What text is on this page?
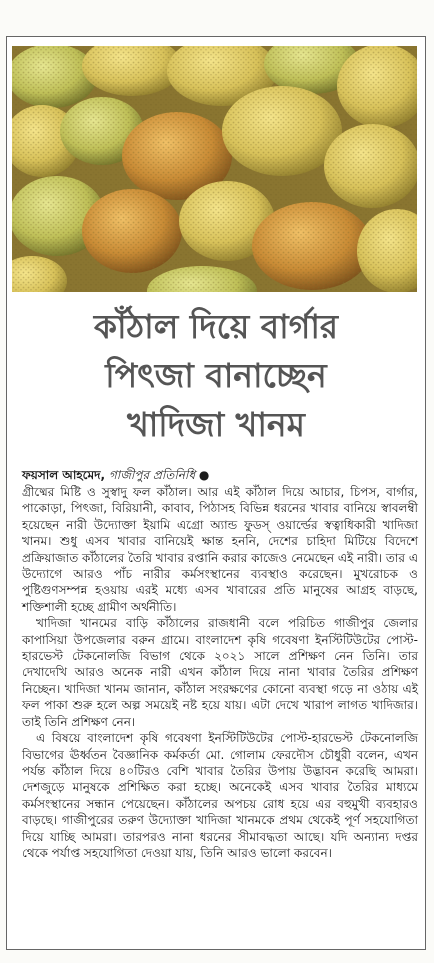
কাঁঠাল দিয়ে বার্গার
পিৎজা বানাচ্ছেন
খাদিজা খানম
ফয়সাল আহমেদ, গাজীপুর প্রতিনিধি ●

গ্রীষ্মের মিষ্টি ও সুস্বাদু ফল কাঁঠাল। আর এই কাঁঠাল দিয়ে আচার, চিপস, বার্গার, পাকোড়া, পিৎজা, বিরিয়ানী, কাবাব, পিঠাসহ বিভিন্ন ধরনের খাবার বানিয়ে স্বাবলম্বী হয়েছেন নারী উদ্যোক্তা ইয়ামি এগ্রো অ্যান্ড ফুডস্ ওয়ার্ল্ডের স্বত্বাধিকারী খাদিজা খানম। শুধু এসব খাবার বানিয়েই ক্ষান্ত হননি, দেশের চাহিদা মিটিয়ে বিদেশে প্রক্রিয়াজাত কাঁঠালের তৈরি খাবার রপ্তানি করার কাজেও নেমেছেন এই নারী। তার এ উদ্যোগে আরও পাঁচ নারীর কর্মসংস্থানের ব্যবস্থাও করেছেন। মুখরোচক ও পুষ্টিগুণসম্পন্ন হওয়ায় এরই মধ্যে এসব খাবারের প্রতি মানুষের আগ্রহ বাড়ছে, শক্তিশালী হচ্ছে গ্রামীণ অর্থনীতি।

খাদিজা খানমের বাড়ি কাঁঠালের রাজধানী বলে পরিচিত গাজীপুর জেলার কাপাসিয়া উপজেলার বরুন গ্রামে। বাংলাদেশ কৃষি গবেষণা ইনস্টিটিউটের পোস্ট-হারভেস্ট টেকনোলজি বিভাগ থেকে ২০২১ সালে প্রশিক্ষণ নেন তিনি। তার দেখাদেখি আরও অনেক নারী এখন কাঁঠাল দিয়ে নানা খাবার তৈরির প্রশিক্ষণ নিচ্ছেন। খাদিজা খানম জানান, কাঁঠাল সংরক্ষণের কোনো ব্যবস্থা গড়ে না ওঠায় এই ফল পাকা শুরু হলে অল্প সময়েই নষ্ট হয়ে যায়। এটা দেখে খারাপ লাগত খাদিজার। তাই তিনি প্রশিক্ষণ নেন।

এ বিষয়ে বাংলাদেশ কৃষি গবেষণা ইনস্টিটিউটের পোস্ট-হারভেস্ট টেকনোলজি বিভাগের ঊর্ধ্বতন বৈজ্ঞানিক কর্মকর্তা মো. গোলাম ফেরদৌস চৌধুরী বলেন, এখন পর্যন্ত কাঁঠাল দিয়ে ৪০টিরও বেশি খাবার তৈরির উপায় উদ্ভাবন করেছি আমরা। দেশজুড়ে মানুষকে প্রশিক্ষিত করা হচ্ছে। অনেকেই এসব খাবার তৈরির মাধ্যমে কর্মসংস্থানের সন্ধান পেয়েছেন। কাঁঠালের অপচয় রোধ হয়ে এর বহুমুখী ব্যবহারও বাড়ছে। গাজীপুরের তরুণ উদ্যোক্তা খাদিজা খানমকে প্রথম থেকেই পূর্ণ সহযোগিতা দিয়ে যাচ্ছি আমরা। তারপরও নানা ধরনের সীমাবদ্ধতা আছে। যদি অন্যান্য দপ্তর থেকে পর্যাপ্ত সহযোগিতা দেওয়া যায়, তিনি আরও ভালো করবেন।
